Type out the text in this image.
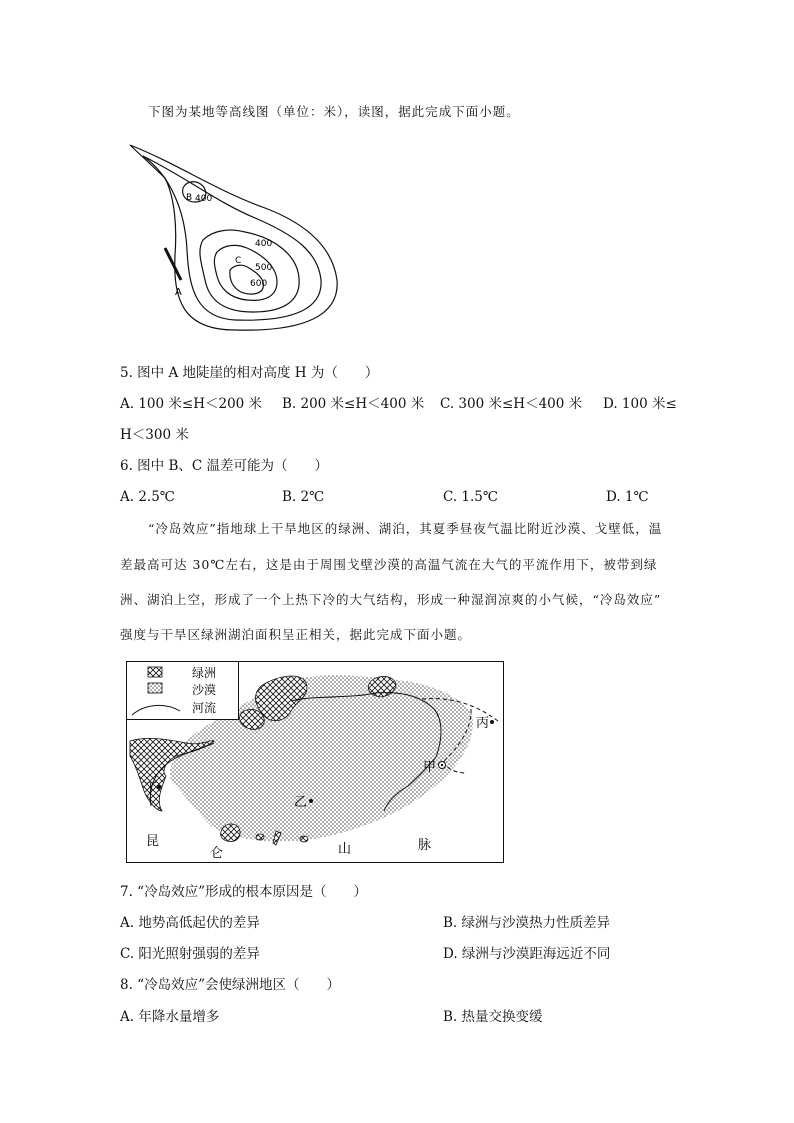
下图为某地等高线图（单位：米），读图，据此完成下面小题。
A
B 400
400
C
500
600
5. 图中 A 地陡崖的相对高度 H 为（　　）
A. 100 米≤H＜200 米 B. 200 米≤H＜400 米 C. 300 米≤H＜400 米 D. 100 米≤
H＜300 米
6. 图中 B、C 温差可能为（　　）
A. 2.5℃	B. 2℃	C. 1.5℃	D. 1℃
“冷岛效应”指地球上干旱地区的绿洲、湖泊，其夏季昼夜气温比附近沙漠、戈壁低，温
差最高可达 30℃左右，这是由于周围戈壁沙漠的高温气流在大气的平流作用下，被带到绿
洲、湖泊上空，形成了一个上热下冷的大气结构，形成一种湿润凉爽的小气候，“冷岛效应”
强度与干旱区绿洲湖泊面积呈正相关，据此完成下面小题。
绿洲
沙漠
河流
丙
甲
乙
丁
昆
仑	山	脉
7. “冷岛效应”形成的根本原因是（　　）
A. 地势高低起伏的差异	B. 绿洲与沙漠热力性质差异
C. 阳光照射强弱的差异	D. 绿洲与沙漠距海远近不同
8. “冷岛效应”会使绿洲地区（　　）
A. 年降水量增多	B. 热量交换变缓
